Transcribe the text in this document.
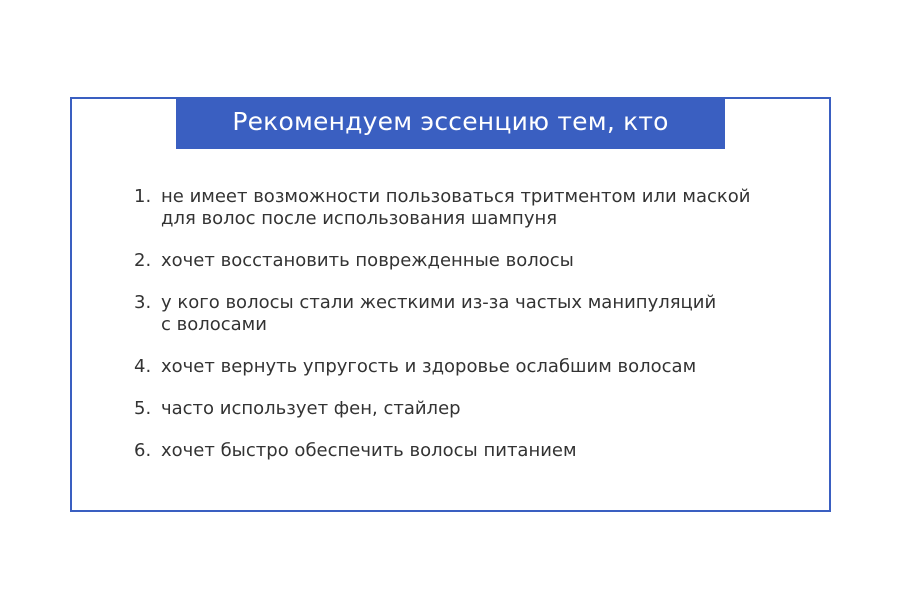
Рекомендуем эссенцию тем, кто
1. не имеет возможности пользоваться тритментом или маской
для волос после использования шампуня
2. хочет восстановить поврежденные волосы
3. у кого волосы стали жесткими из-за частых манипуляций
с волосами
4. хочет вернуть упругость и здоровье ослабшим волосам
5. часто использует фен, стайлер
6. хочет быстро обеспечить волосы питанием
